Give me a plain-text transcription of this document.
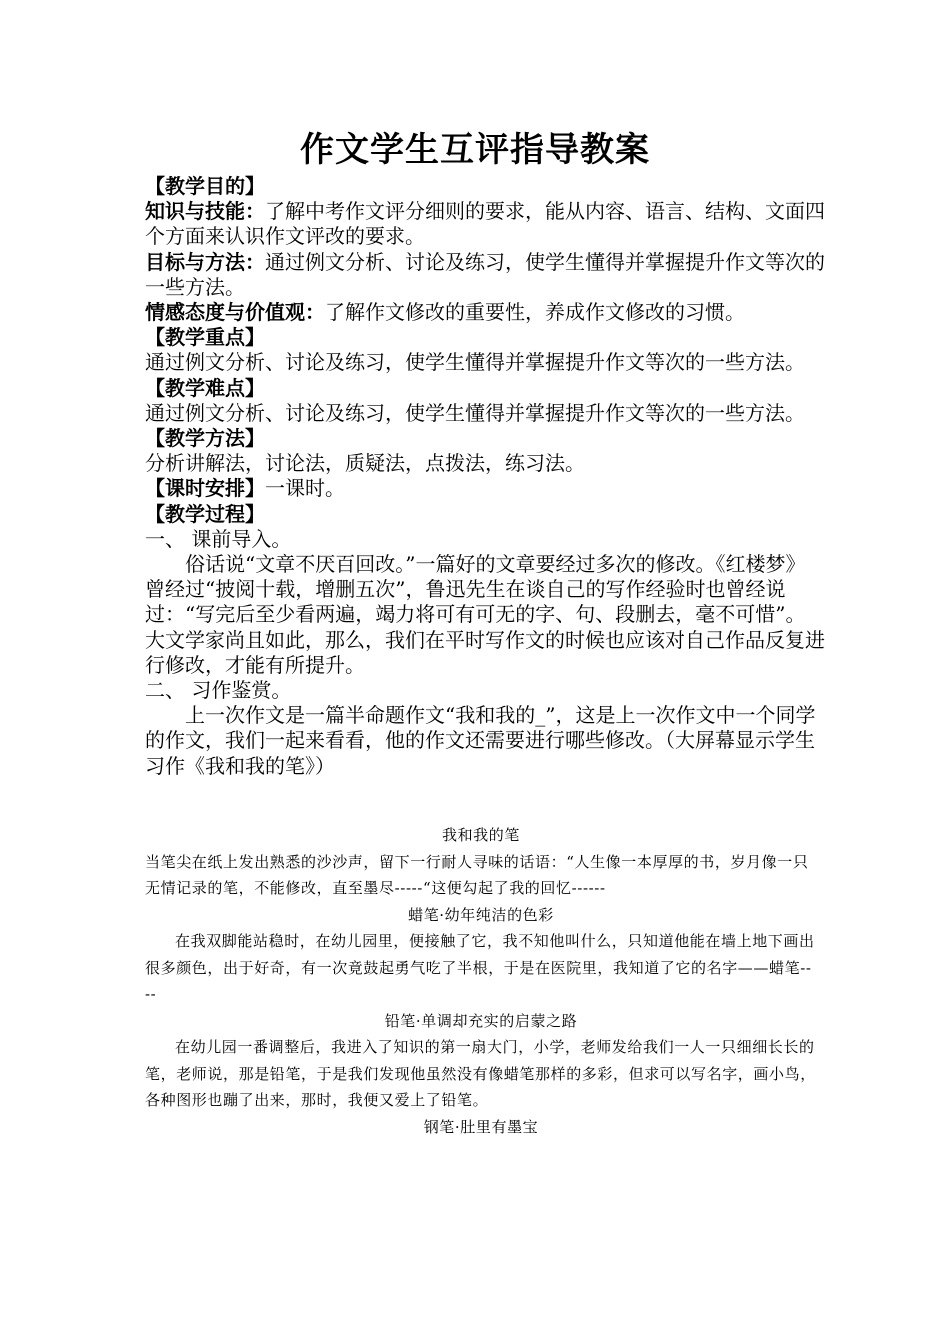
作文学生互评指导教案

【教学目的】

知识与技能：了解中考作文评分细则的要求，能从内容、语言、结构、文面四个方面来认识作文评改的要求。

目标与方法：通过例文分析、讨论及练习，使学生懂得并掌握提升作文等次的一些方法。

情感态度与价值观：了解作文修改的重要性，养成作文修改的习惯。

【教学重点】

通过例文分析、讨论及练习，使学生懂得并掌握提升作文等次的一些方法。

【教学难点】

通过例文分析、讨论及练习，使学生懂得并掌握提升作文等次的一些方法。

【教学方法】

分析讲解法，讨论法，质疑法，点拨法，练习法。

【课时安排】一课时。

【教学过程】

一、 课前导入。

俗话说“文章不厌百回改。”一篇好的文章要经过多次的修改。《红楼梦》曾经过“披阅十载，增删五次”，鲁迅先生在谈自己的写作经验时也曾经说过：“写完后至少看两遍，竭力将可有可无的字、句、段删去，毫不可惜”。大文学家尚且如此，那么，我们在平时写作文的时候也应该对自己作品反复进行修改，才能有所提升。

二、 习作鉴赏。

上一次作文是一篇半命题作文“我和我的_”，这是上一次作文中一个同学的作文，我们一起来看看，他的作文还需要进行哪些修改。（大屏幕显示学生习作《我和我的笔》）

我和我的笔

当笔尖在纸上发出熟悉的沙沙声，留下一行耐人寻味的话语：“人生像一本厚厚的书，岁月像一只无情记录的笔，不能修改，直至墨尽-----“这便勾起了我的回忆------

蜡笔·幼年纯洁的色彩

在我双脚能站稳时，在幼儿园里，便接触了它，我不知他叫什么，只知道他能在墙上地下画出很多颜色，出于好奇，有一次竟鼓起勇气吃了半根，于是在医院里，我知道了它的名字——蜡笔----

铅笔·单调却充实的启蒙之路

在幼儿园一番调整后，我进入了知识的第一扇大门，小学，老师发给我们一人一只细细长长的笔，老师说，那是铅笔，于是我们发现他虽然没有像蜡笔那样的多彩，但求可以写名字，画小鸟，各种图形也蹦了出来，那时，我便又爱上了铅笔。

钢笔·肚里有墨宝
